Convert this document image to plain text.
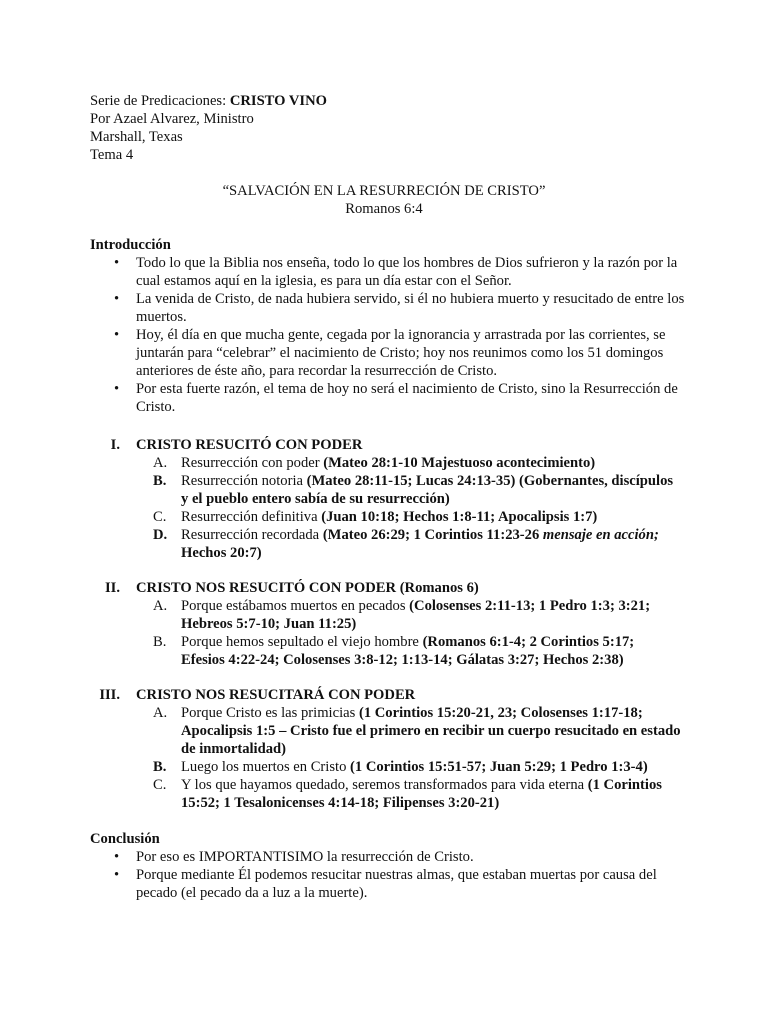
Serie de Predicaciones: CRISTO VINO
Por Azael Alvarez, Ministro
Marshall, Texas
Tema 4
“SALVACIÓN EN LA RESURRECIÓN DE CRISTO”
Romanos 6:4
Introducción
• Todo lo que la Biblia nos enseña, todo lo que los hombres de Dios sufrieron y la razón por la cual estamos aquí en la iglesia, es para un día estar con el Señor.
• La venida de Cristo, de nada hubiera servido, si él no hubiera muerto y resucitado de entre los muertos.
• Hoy, él día en que mucha gente, cegada por la ignorancia y arrastrada por las corrientes, se juntarán para “celebrar” el nacimiento de Cristo; hoy nos reunimos como los 51 domingos anteriores de éste año, para recordar la resurrección de Cristo.
• Por esta fuerte razón, el tema de hoy no será el nacimiento de Cristo, sino la Resurrección de Cristo.
I. CRISTO RESUCITÓ CON PODER
A. Resurrección con poder (Mateo 28:1-10 Majestuoso acontecimiento)
B. Resurrección notoria (Mateo 28:11-15; Lucas 24:13-35) (Gobernantes, discípulos y el pueblo entero sabía de su resurrección)
C. Resurrección definitiva (Juan 10:18; Hechos 1:8-11; Apocalipsis 1:7)
D. Resurrección recordada (Mateo 26:29; 1 Corintios 11:23-26 mensaje en acción; Hechos 20:7)
II. CRISTO NOS RESUCITÓ CON PODER (Romanos 6)
A. Porque estábamos muertos en pecados (Colosenses 2:11-13; 1 Pedro 1:3; 3:21; Hebreos 5:7-10; Juan 11:25)
B. Porque hemos sepultado el viejo hombre (Romanos 6:1-4; 2 Corintios 5:17; Efesios 4:22-24; Colosenses 3:8-12; 1:13-14; Gálatas 3:27; Hechos 2:38)
III. CRISTO NOS RESUCITARÁ CON PODER
A. Porque Cristo es las primicias (1 Corintios 15:20-21, 23; Colosenses 1:17-18; Apocalipsis 1:5 – Cristo fue el primero en recibir un cuerpo resucitado en estado de inmortalidad)
B. Luego los muertos en Cristo (1 Corintios 15:51-57; Juan 5:29; 1 Pedro 1:3-4)
C. Y los que hayamos quedado, seremos transformados para vida eterna (1 Corintios 15:52; 1 Tesalonicenses 4:14-18; Filipenses 3:20-21)
Conclusión
• Por eso es IMPORTANTISIMO la resurrección de Cristo.
• Porque mediante Él podemos resucitar nuestras almas, que estaban muertas por causa del pecado (el pecado da a luz a la muerte).
